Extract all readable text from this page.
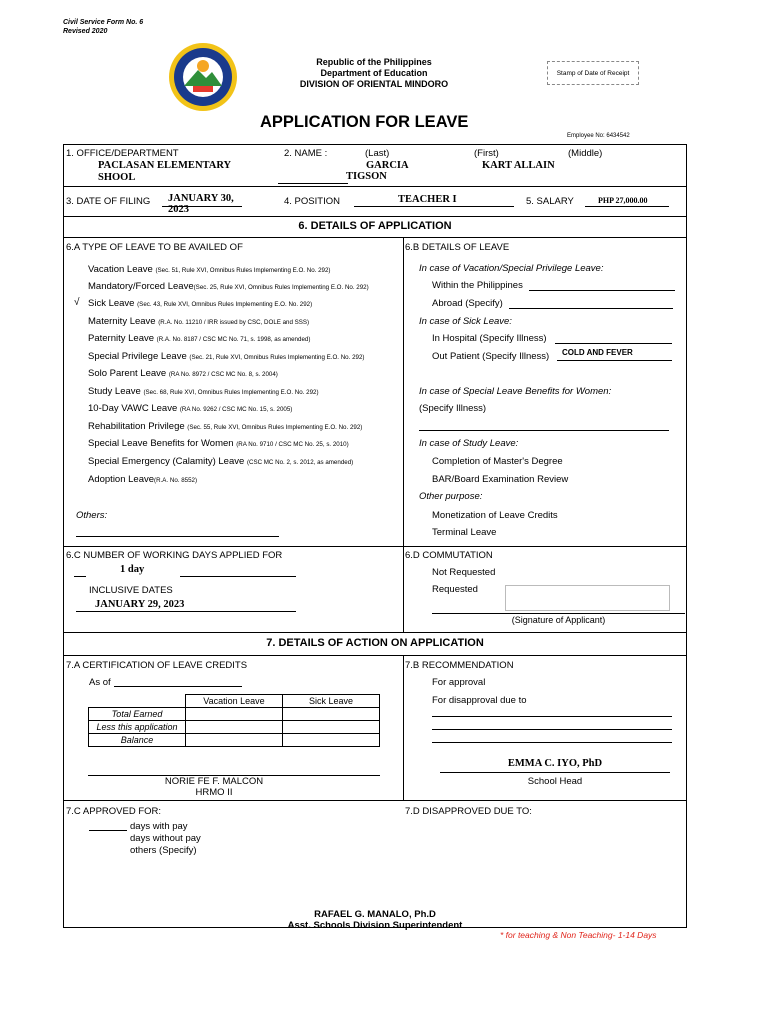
Civil Service Form No. 6
Revised 2020
Republic of the Philippines
Department of Education
DIVISION OF ORIENTAL MINDORO
Stamp of Date of Receipt
APPLICATION FOR LEAVE
Employee No: 6434542
1. OFFICE/DEPARTMENT
PACLASAN ELEMENTARY
SHOOL
2. NAME :	(Last)	(First)	(Middle)
GARCIA	KART ALLAIN
TIGSON
3. DATE OF FILING JANUARY 30,
2023
4. POSITION	TEACHER I	5. SALARY	PHP 27,000.00
6. DETAILS OF APPLICATION
6.A TYPE OF LEAVE TO BE AVAILED OF
√
Vacation Leave (Sec. 51, Rule XVI, Omnibus Rules Implementing E.O. No. 292)
Mandatory/Forced Leave(Sec. 25, Rule XVI, Omnibus Rules Implementing E.O. No. 292)
Sick Leave (Sec. 43, Rule XVI, Omnibus Rules Implementing E.O. No. 292)
Maternity Leave (R.A. No. 11210 / IRR issued by CSC, DOLE and SSS)
Paternity Leave (R.A. No. 8187 / CSC MC No. 71, s. 1998, as amended)
Special Privilege Leave (Sec. 21, Rule XVI, Omnibus Rules Implementing E.O. No. 292)
Solo Parent Leave (RA No. 8972 / CSC MC No. 8, s. 2004)
Study Leave (Sec. 68, Rule XVI, Omnibus Rules Implementing E.O. No. 292)
10-Day VAWC Leave (RA No. 9262 / CSC MC No. 15, s. 2005)
Rehabilitation Privilege (Sec. 55, Rule XVI, Omnibus Rules Implementing E.O. No. 292)
Special Leave Benefits for Women (RA No. 9710 / CSC MC No. 25, s. 2010)
Special Emergency (Calamity) Leave (CSC MC No. 2, s. 2012, as amended)
Adoption Leave(R.A. No. 8552)
Others:
6.B DETAILS OF LEAVE
In case of Vacation/Special Privilege Leave:
Within the Philippines
Abroad (Specify)
In case of Sick Leave:
In Hospital (Specify Illness)
Out Patient (Specify Illness) COLD AND FEVER
In case of Special Leave Benefits for Women:
(Specify Illness)
In case of Study Leave:
Completion of Master's Degree
BAR/Board Examination Review
Other purpose:
Monetization of Leave Credits
Terminal Leave
6.C NUMBER OF WORKING DAYS APPLIED FOR
1 day
INCLUSIVE DATES
JANUARY 29, 2023
6.D COMMUTATION
Not Requested
Requested
(Signature of Applicant)
7. DETAILS OF ACTION ON APPLICATION
7.A CERTIFICATION OF LEAVE CREDITS
As of
	Vacation Leave	Sick Leave
Total Earned		
Less this application		
Balance		
NORIE FE F. MALCON
HRMO II
7.B RECOMMENDATION
For approval
For disapproval due to
EMMA C. IYO, PhD
School Head
7.C APPROVED FOR:
days with pay
days without pay
others (Specify)
7.D DISAPPROVED DUE TO:
RAFAEL G. MANALO, Ph.D
Asst. Schools Division Superintendent
* for teaching & Non Teaching- 1-14 Days
